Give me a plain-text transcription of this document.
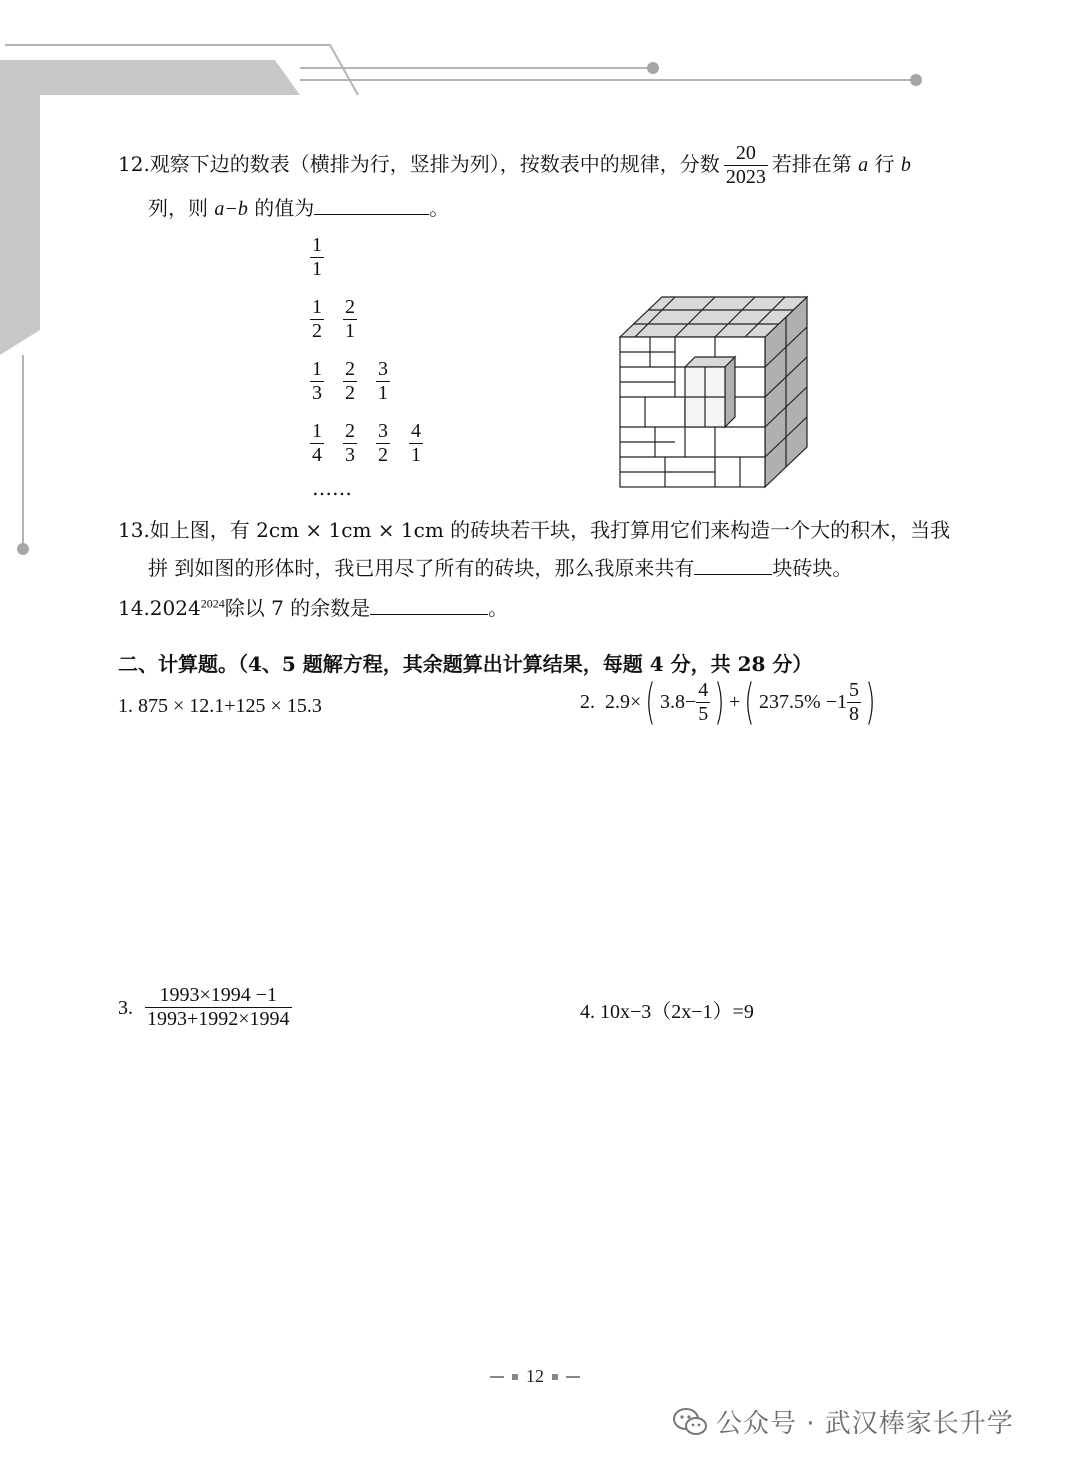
12.观察下边的数表（横排为行，竖排为列），按数表中的规律，分数 $\frac{20}{2023}$ 若排在第 a 行 b
列，则 a−b 的值为	。
$\frac{1}{1}$
$\frac{1}{2} \frac{2}{1}$
$\frac{1}{3} \frac{2}{2} \frac{3}{1}$
$\frac{1}{4} \frac{2}{3} \frac{3}{2} \frac{4}{1}$
……
13.如上图，有 2cm × 1cm × 1cm 的砖块若干块，我打算用它们来构造一个大的积木，当我
拼 到如图的形体时，我已用尽了所有的砖块，那么我原来共有	块砖块。
$14.2024^{2024}$除以 7 的余数是	。
二、计算题。（4、5 题解方程，其余题算出计算结果，每题 4 分，共 28 分）
1. 875 × 12.1+125 × 15.3	2. 2.9× ( $3.8- \frac{4}{5}$ ) + ( $237.5\% -1 \frac{5}{8}$ )
3. $\frac{1993\times 1994 -1}{1993+1992\times 1994}$	4. 10x−3（2x−1）=9
12
公众号 · 武汉棒家长升学
